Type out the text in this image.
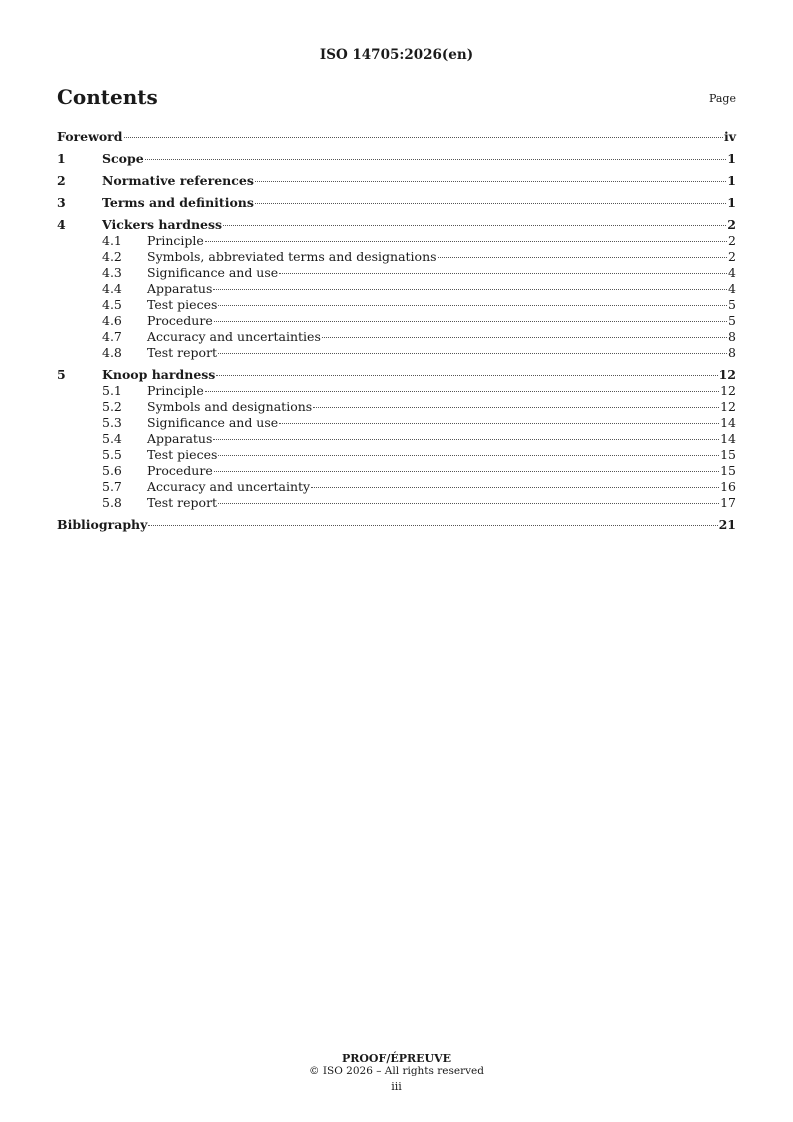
ISO 14705:2026(en)
Contents	Page
Foreword	iv
1	Scope	1
2	Normative references	1
3	Terms and definitions	1
4	Vickers hardness	2
4.1	Principle	2
4.2	Symbols, abbreviated terms and designations	2
4.3	Significance and use	4
4.4	Apparatus	4
4.5	Test pieces	5
4.6	Procedure	5
4.7	Accuracy and uncertainties	8
4.8	Test report	8
5	Knoop hardness	12
5.1	Principle	12
5.2	Symbols and designations	12
5.3	Significance and use	14
5.4	Apparatus	14
5.5	Test pieces	15
5.6	Procedure	15
5.7	Accuracy and uncertainty	16
5.8	Test report	17
Bibliography	21
PROOF/ÉPREUVE
© ISO 2026 – All rights reserved
iii
